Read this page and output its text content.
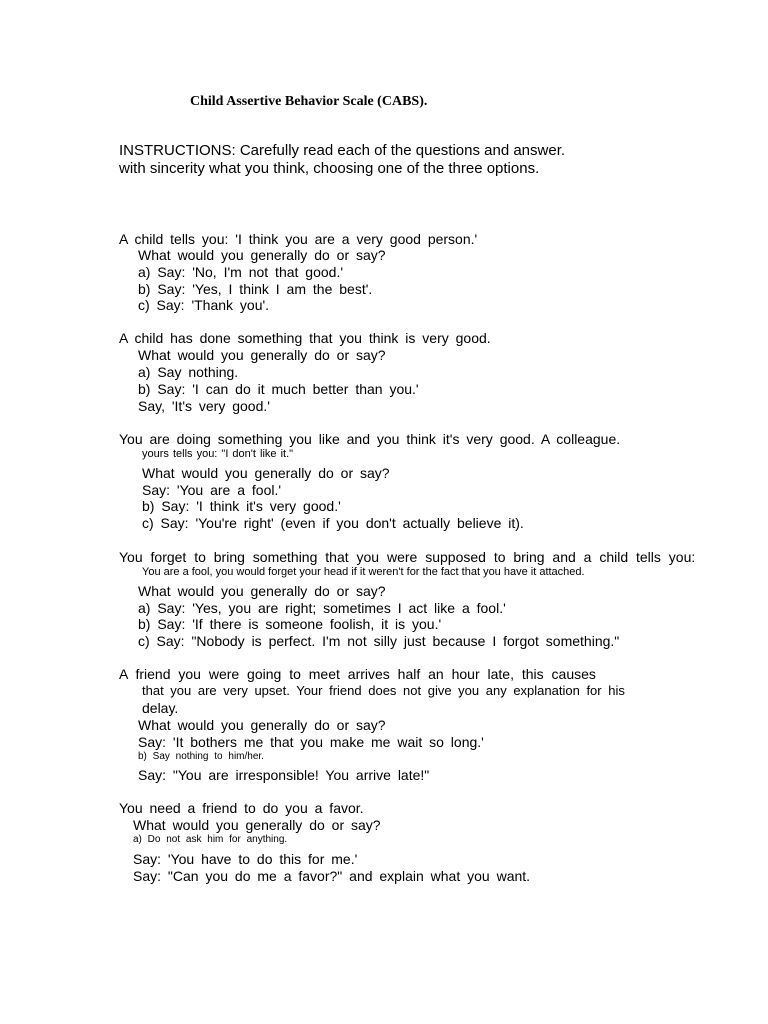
Child Assertive Behavior Scale (CABS).
INSTRUCTIONS: Carefully read each of the questions and answer.
with sincerity what you think, choosing one of the three options.
A child tells you: 'I think you are a very good person.'
What would you generally do or say?
a) Say: 'No, I'm not that good.'
b) Say: 'Yes, I think I am the best'.
c) Say: 'Thank you'.
A child has done something that you think is very good.
What would you generally do or say?
a) Say nothing.
b) Say: 'I can do it much better than you.'
Say, 'It's very good.'
You are doing something you like and you think it's very good. A colleague.
yours tells you: "I don't like it."
What would you generally do or say?
Say: 'You are a fool.'
b) Say: 'I think it's very good.'
c) Say: 'You're right' (even if you don't actually believe it).
You forget to bring something that you were supposed to bring and a child tells you:
You are a fool, you would forget your head if it weren't for the fact that you have it attached.
What would you generally do or say?
a) Say: 'Yes, you are right; sometimes I act like a fool.'
b) Say: 'If there is someone foolish, it is you.'
c) Say: "Nobody is perfect. I'm not silly just because I forgot something."
A friend you were going to meet arrives half an hour late, this causes
that you are very upset. Your friend does not give you any explanation for his
delay.
What would you generally do or say?
Say: 'It bothers me that you make me wait so long.'
b) Say nothing to him/her.
Say: "You are irresponsible! You arrive late!"
You need a friend to do you a favor.
What would you generally do or say?
a) Do not ask him for anything.
Say: 'You have to do this for me.'
Say: "Can you do me a favor?" and explain what you want.
